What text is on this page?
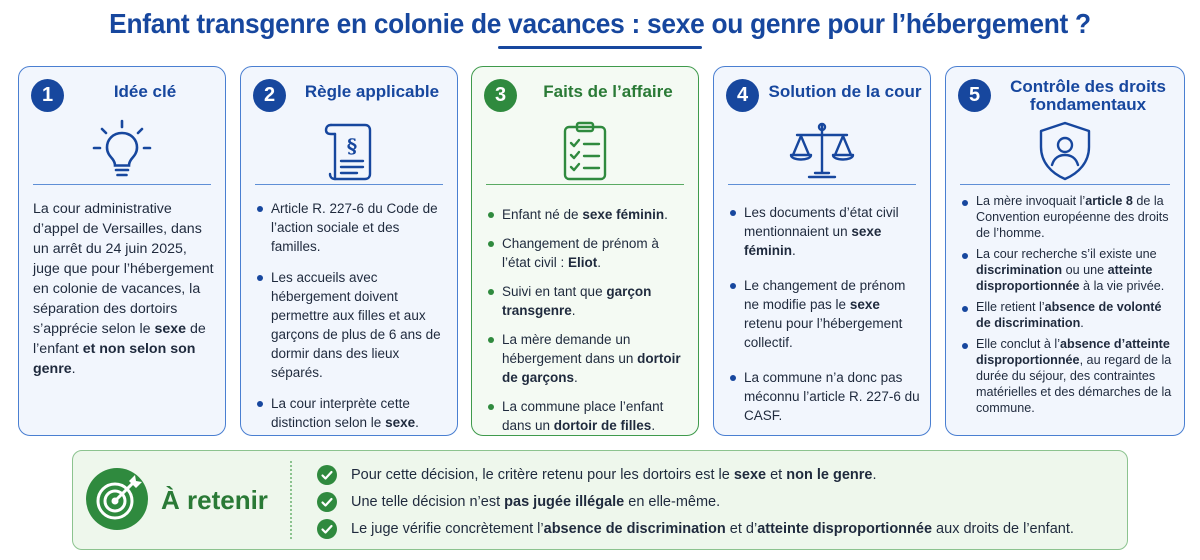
Enfant transgenre en colonie de vacances : sexe ou genre pour l’hébergement ?
1	Idée clé
La cour administrative d’appel de Versailles, dans un arrêt du 24 juin 2025, juge que pour l’hébergement en colonie de vacances, la séparation des dortoirs s’apprécie selon le sexe de l’enfant et non selon son genre.
2	Règle applicable
§
Article R. 227-6 du Code de l’action sociale et des familles.
Les accueils avec hébergement doivent permettre aux filles et aux garçons de plus de 6 ans de dormir dans des lieux séparés.
La cour interprète cette distinction selon le sexe.
3	Faits de l’affaire
Enfant né de sexe féminin.
Changement de prénom à l’état civil : Eliot.
Suivi en tant que garçon transgenre.
La mère demande un hébergement dans un dortoir de garçons.
La commune place l’enfant dans un dortoir de filles.
4	Solution de la cour
Les documents d’état civil mentionnaient un sexe féminin.
Le changement de prénom ne modifie pas le sexe retenu pour l’hébergement collectif.
La commune n’a donc pas méconnu l’article R. 227-6 du CASF.
5	Contrôle des droits fondamentaux
La mère invoquait l’article 8 de la Convention européenne des droits de l’homme.
La cour recherche s’il existe une discrimination ou une atteinte disproportionnée à la vie privée.
Elle retient l’absence de volonté de discrimination.
Elle conclut à l’absence d’atteinte disproportionnée, au regard de la durée du séjour, des contraintes matérielles et des démarches de la commune.
À retenir
Pour cette décision, le critère retenu pour les dortoirs est le sexe et non le genre.
Une telle décision n’est pas jugée illégale en elle-même.
Le juge vérifie concrètement l’absence de discrimination et d’atteinte disproportionnée aux droits de l’enfant.
